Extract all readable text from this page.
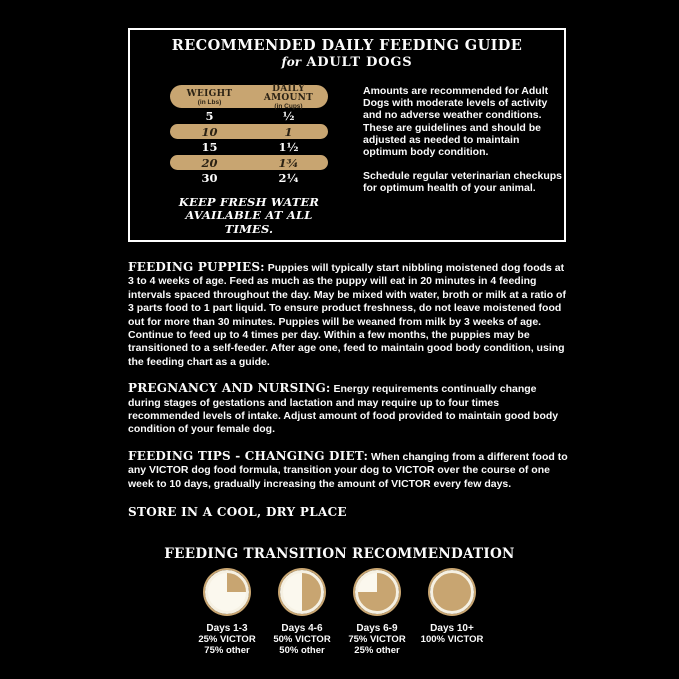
RECOMMENDED DAILY FEEDING GUIDE
for ADULT DOGS
WEIGHT
(in Lbs)
DAILY AMOUNT
(in Cups)
5	½
10	1
15	1½
20	1¾
30	2¼
KEEP FRESH WATER
AVAILABLE AT ALL TIMES.
Amounts are recommended for Adult Dogs with moderate levels of activity and no adverse weather conditions. These are guidelines and should be adjusted as needed to maintain optimum body condition.
Schedule regular veterinarian checkups for optimum health of your animal.

FEEDING PUPPIES: Puppies will typically start nibbling moistened dog foods at 3 to 4 weeks of age. Feed as much as the puppy will eat in 20 minutes in 4 feeding intervals spaced throughout the day. May be mixed with water, broth or milk at a ratio of 3 parts food to 1 part liquid. To ensure product freshness, do not leave moistened food out for more than 30 minutes. Puppies will be weaned from milk by 3 weeks of age. Continue to feed up to 4 times per day. Within a few months, the puppies may be transitioned to a self-feeder. After age one, feed to maintain good body condition, using the feeding chart as a guide.

PREGNANCY AND NURSING: Energy requirements continually change during stages of gestations and lactation and may require up to four times recommended levels of intake. Adjust amount of food provided to maintain good body condition of your female dog.

FEEDING TIPS - CHANGING DIET: When changing from a different food to any VICTOR dog food formula, transition your dog to VICTOR over the course of one week to 10 days, gradually increasing the amount of VICTOR every few days.

STORE IN A COOL, DRY PLACE
FEEDING TRANSITION RECOMMENDATION
Days 1-3
25% VICTOR
75% other
Days 4-6
50% VICTOR
50% other
Days 6-9
75% VICTOR
25% other
Days 10+
100% VICTOR
